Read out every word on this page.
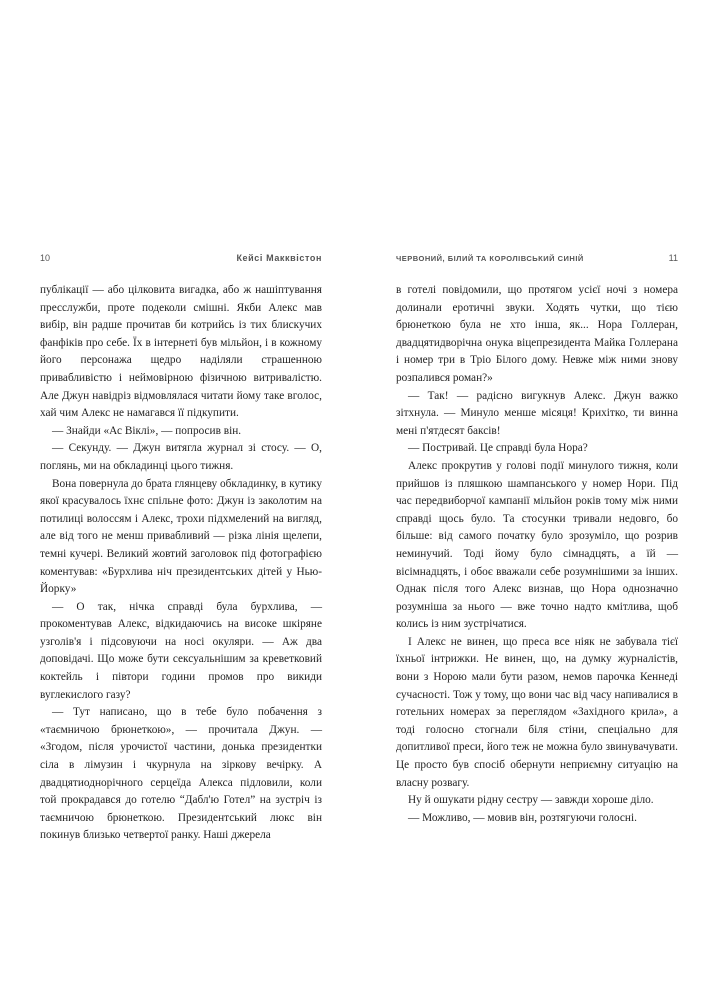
10	Кейсі Макквістон

публікації — або цілковита вигадка, або ж нашіптування пресслужби, проте подеколи смішні. Якби Алекс мав вибір, він радше прочитав би котрийсь із тих блискучих фанфіків про себе. Їх в інтернеті був мільйон, і в кожному його персонажа щедро наділяли страшенною привабливістю і неймовірною фізичною витривалістю. Але Джун навідріз відмовлялася читати йому таке вголос, хай чим Алекс не намагався її підкупити.

— Знайди «Ас Віклі», — попросив він.

— Секунду. — Джун витягла журнал зі стосу. — О, поглянь, ми на обкладинці цього тижня.

Вона повернула до брата глянцеву обкладинку, в кутику якої красувалось їхнє спільне фото: Джун із заколотим на потилиці волоссям і Алекс, трохи підхмелений на вигляд, але від того не менш привабливий — різка лінія щелепи, темні кучері. Великий жовтий заголовок під фотографією коментував: «Бурхлива ніч президентських дітей у Нью-Йорку»

— О так, нічка справді була бурхлива, — прокоментував Алекс, відкидаючись на високе шкіряне узголів'я і підсовуючи на носі окуляри. — Аж два доповідачі. Що може бути сексуальнішим за креветковий коктейль і півтори години промов про викиди вуглекислого газу?

— Тут написано, що в тебе було побачення з «таємничою брюнеткою», — прочитала Джун. — «Згодом, після урочистої частини, донька президентки сіла в лімузин і чкурнула на зіркову вечірку. А двадцятиоднорічного серцеїда Алекса підловили, коли той прокрадався до готелю “Дабл'ю Готел” на зустріч із таємничою брюнеткою. Президентський люкс він покинув близько четвертої ранку. Наші джерела

ЧЕРВОНИЙ, БІЛИЙ ТА КОРОЛІВСЬКИЙ СИНІЙ	11

в готелі повідомили, що протягом усієї ночі з номера долинали еротичні звуки. Ходять чутки, що тією брюнеткою була не хто інша, як... Нора Голлеран, двадцятидворічна онука віцепрезидента Майка Голлерана і номер три в Тріо Білого дому. Невже між ними знову розпалився роман?»

— Так! — радісно вигукнув Алекс. Джун важко зітхнула. — Минуло менше місяця! Крихітко, ти винна мені п'ятдесят баксів!

— Постривай. Це справді була Нора?

Алекс прокрутив у голові події минулого тижня, коли прийшов із пляшкою шампанського у номер Нори. Під час передвиборчої кампанії мільйон років тому між ними справді щось було. Та стосунки тривали недовго, бо більше: від самого початку було зрозуміло, що розрив неминучий. Тоді йому було сімнадцять, а їй — вісімнадцять, і обоє вважали себе розумнішими за інших. Однак після того Алекс визнав, що Нора однозначно розумніша за нього — вже точно надто кмітлива, щоб колись із ним зустрічатися.

І Алекс не винен, що преса все ніяк не забувала тієї їхньої інтрижки. Не винен, що, на думку журналістів, вони з Норою мали бути разом, немов парочка Кеннеді сучасності. Тож у тому, що вони час від часу напивалися в готельних номерах за переглядом «Західного крила», а тоді голосно стогнали біля стіни, спеціально для допитливої преси, його теж не можна було звинувачувати. Це просто був спосіб обернути неприємну ситуацію на власну розвагу.

Ну й ошукати рідну сестру — завжди хороше діло.

— Можливо, — мовив він, розтягуючи голосні.
